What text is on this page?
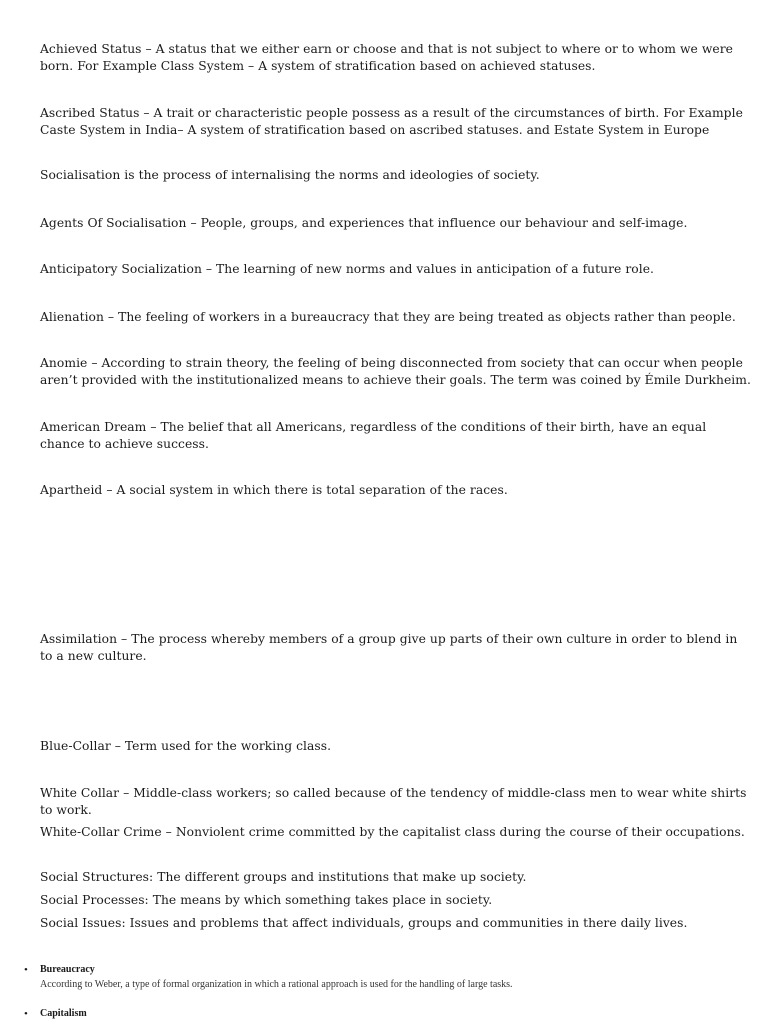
Achieved Status – A status that we either earn or choose and that is not subject to where or to whom we were born. For Example Class System – A system of stratification based on achieved statuses.

Ascribed Status – A trait or characteristic people possess as a result of the circumstances of birth. For Example Caste System in India– A system of stratification based on ascribed statuses. and Estate System in Europe

Socialisation is the process of internalising the norms and ideologies of society.

Agents Of Socialisation – People, groups, and experiences that influence our behaviour and self-image.

Anticipatory Socialization – The learning of new norms and values in anticipation of a future role.

Alienation – The feeling of workers in a bureaucracy that they are being treated as objects rather than people.

Anomie – According to strain theory, the feeling of being disconnected from society that can occur when people aren’t provided with the institutionalized means to achieve their goals. The term was coined by Émile Durkheim.

American Dream – The belief that all Americans, regardless of the conditions of their birth, have an equal chance to achieve success.

Apartheid – A social system in which there is total separation of the races.

Assimilation – The process whereby members of a group give up parts of their own culture in order to blend in to a new culture.

Blue-Collar – Term used for the working class.

White Collar – Middle-class workers; so called because of the tendency of middle-class men to wear white shirts to work.

White-Collar Crime – Nonviolent crime committed by the capitalist class during the course of their occupations.

Social Structures: The different groups and institutions that make up society.

Social Processes: The means by which something takes place in society.

Social Issues: Issues and problems that affect individuals, groups and communities in there daily lives.

• Bureaucracy
According to Weber, a type of formal organization in which a rational approach is used for the handling of large tasks.
• Capitalism
